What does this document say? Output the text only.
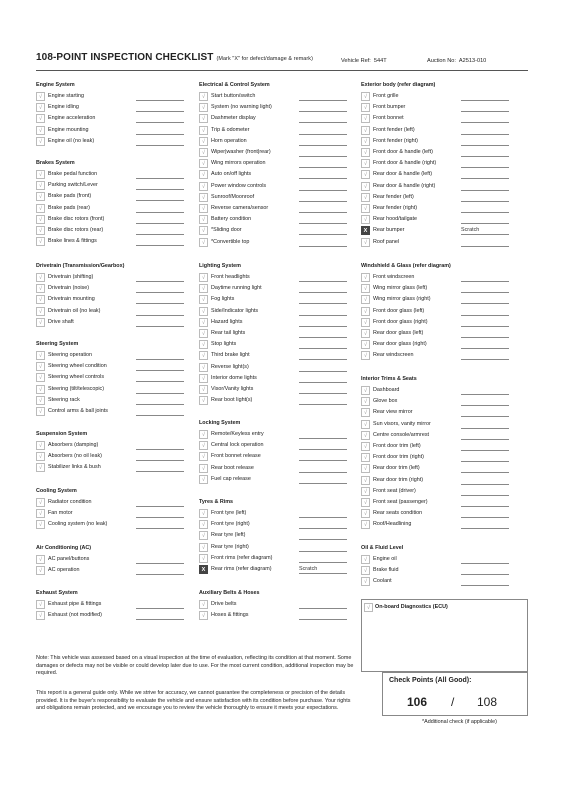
108-POINT INSPECTION CHECKLIST (Mark "X" for defect/damage & remark)	Vehicle Ref: 544T	Auction No: A2513-010
Engine System
√	Engine starting
√	Engine idling
√	Engine acceleration
√	Engine mounting
√	Engine oil (no leak)
Brakes System
√	Brake pedal function
√	Parking switch/Lever
√	Brake pads (front)
√	Brake pads (rear)
√	Brake disc rotors (front)
√	Brake disc rotors (rear)
√	Brake lines & fittings
Drivetrain (Transmission/Gearbox)
√	Drivetrain (shifting)
√	Drivetrain (noise)
√	Drivetrain mounting
√	Drivetrain oil (no leak)
√	Drive shaft
Steering System
√	Steering operation
√	Steering wheel condition
√	Steering wheel controls
√	Steering (tilt/telescopic)
√	Steering rack
√	Control arms & ball joints
Suspension System
√	Absorbers (damping)
√	Absorbers (no oil leak)
√	Stabilizer links & bush
Cooling System
√	Radiator condition
√	Fan motor
√	Cooling system (no leak)
Air Conditioning (AC)
√	AC panel/buttons
√	AC operation
Exhaust System
√	Exhaust pipe & fittings
√	Exhaust (not modified)
Electrical & Control System
√	Start button/switch
√	System (no warning light)
√	Dashmeter display
√	Trip & odometer
√	Horn operation
√	Wiper|washer (front|rear)
√	Wing mirrors operation
√	Auto on/off lights
√	Power window controls
√	Sunroof/Moonroof
√	Reverse camera/sensor
√	Battery condition
√	*Sliding door
√	*Convertible top
Lighting System
√	Front headlights
√	Daytime running light
√	Fog lights
√	Side/Indicator lights
√	Hazard lights
√	Rear tail lights
√	Stop lights
√	Third brake light
√	Reverse light(s)
√	Interior dome lights
√	Visor/Vanity lights
√	Rear boot light(s)
Locking System
√	Remote/Keyless entry
√	Central lock operation
√	Front bonnet release
√	Rear boot release
√	Fuel cap release
Tyres & Rims
√	Front tyre (left)
√	Front tyre (right)
√	Rear tyre (left)
√	Rear tyre (right)
√	Front rims (refer diagram)
X	Rear rims (refer diagram)	Scratch
Auxiliary Belts & Hoses
√	Drive belts
√	Hoses & fittings
Exterior body (refer diagram)
√	Front grille
√	Front bumper
√	Front bonnet
√	Front fender (left)
√	Front fender (right)
√	Front door & handle (left)
√	Front door & handle (right)
√	Rear door & handle (left)
√	Rear door & handle (right)
√	Rear fender (left)
√	Rear fender (right)
√	Rear hood/tailgate
X	Rear bumper	Scratch
√	Roof panel
Windshield & Glass (refer diagram)
√	Front windscreen
√	Wing mirror glass (left)
√	Wing mirror glass (right)
√	Front door glass (left)
√	Front door glass (right)
√	Rear door glass (left)
√	Rear door glass (right)
√	Rear windscreen
Interior Trims & Seats
√	Dashboard
√	Glove box
√	Rear view mirror
√	Sun visors, vanity mirror
√	Centre console/armrest
√	Front door trim (left)
√	Front door trim (right)
√	Rear door trim (left)
√	Rear door trim (right)
√	Front seat (driver)
√	Front seat (passenger)
√	Rear seats condition
√	Roof/Headlining
Oil & Fluid Level
√	Engine oil
√	Brake fluid
√	Coolant
√ On-board Diagnostics (ECU)
Note: This vehicle was assessed based on a visual inspection at the time of evaluation, reflecting its condition at that moment. Some damages or defects may not be visible or could develop later due to use. For the most current condition, additional inspection may be required.
This report is a general guide only. While we strive for accuracy, we cannot guarantee the completeness or precision of the details provided. It is the buyer's responsibility to evaluate the vehicle and ensure satisfaction with its condition before purchase. Your rights and obligations remain protected, and we encourage you to review the vehicle thoroughly to ensure it meets your expectations.
Check Points (All Good):
106 / 108
*Additional check (if applicable)
